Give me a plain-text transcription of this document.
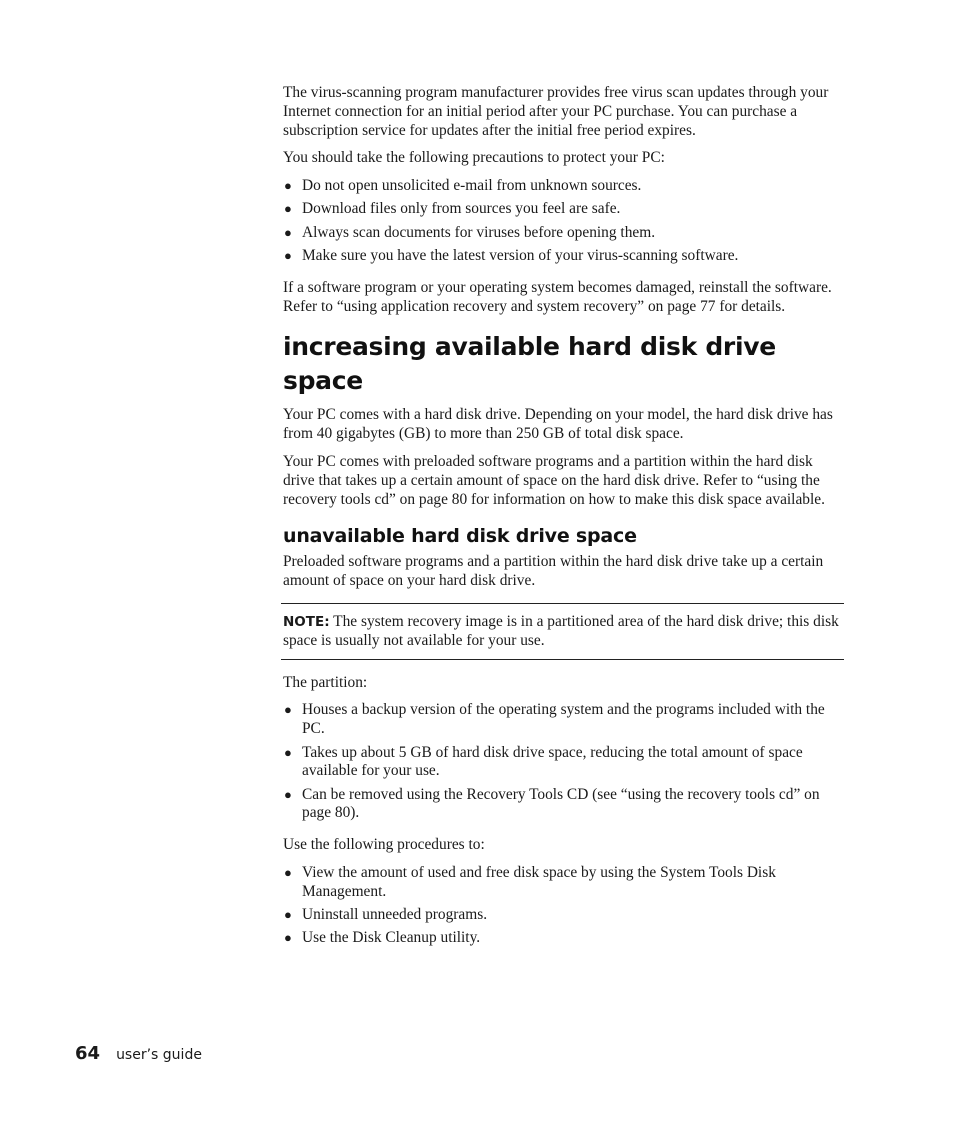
The virus-scanning program manufacturer provides free virus scan updates through your Internet connection for an initial period after your PC purchase. You can purchase a subscription service for updates after the initial free period expires.

You should take the following precautions to protect your PC:

● Do not open unsolicited e-mail from unknown sources.
● Download files only from sources you feel are safe.
● Always scan documents for viruses before opening them.
● Make sure you have the latest version of your virus-scanning software.

If a software program or your operating system becomes damaged, reinstall the software. Refer to “using application recovery and system recovery” on page 77 for details.

increasing available hard disk drive space

Your PC comes with a hard disk drive. Depending on your model, the hard disk drive has from 40 gigabytes (GB) to more than 250 GB of total disk space.

Your PC comes with preloaded software programs and a partition within the hard disk drive that takes up a certain amount of space on the hard disk drive. Refer to “using the recovery tools cd” on page 80 for information on how to make this disk space available.

unavailable hard disk drive space

Preloaded software programs and a partition within the hard disk drive take up a certain amount of space on your hard disk drive.

NOTE: The system recovery image is in a partitioned area of the hard disk drive; this disk space is usually not available for your use.

The partition:

● Houses a backup version of the operating system and the programs included with the PC.
● Takes up about 5 GB of hard disk drive space, reducing the total amount of space available for your use.
● Can be removed using the Recovery Tools CD (see “using the recovery tools cd” on page 80).

Use the following procedures to:

● View the amount of used and free disk space by using the System Tools Disk Management.
● Uninstall unneeded programs.
● Use the Disk Cleanup utility.
64 user’s guide
